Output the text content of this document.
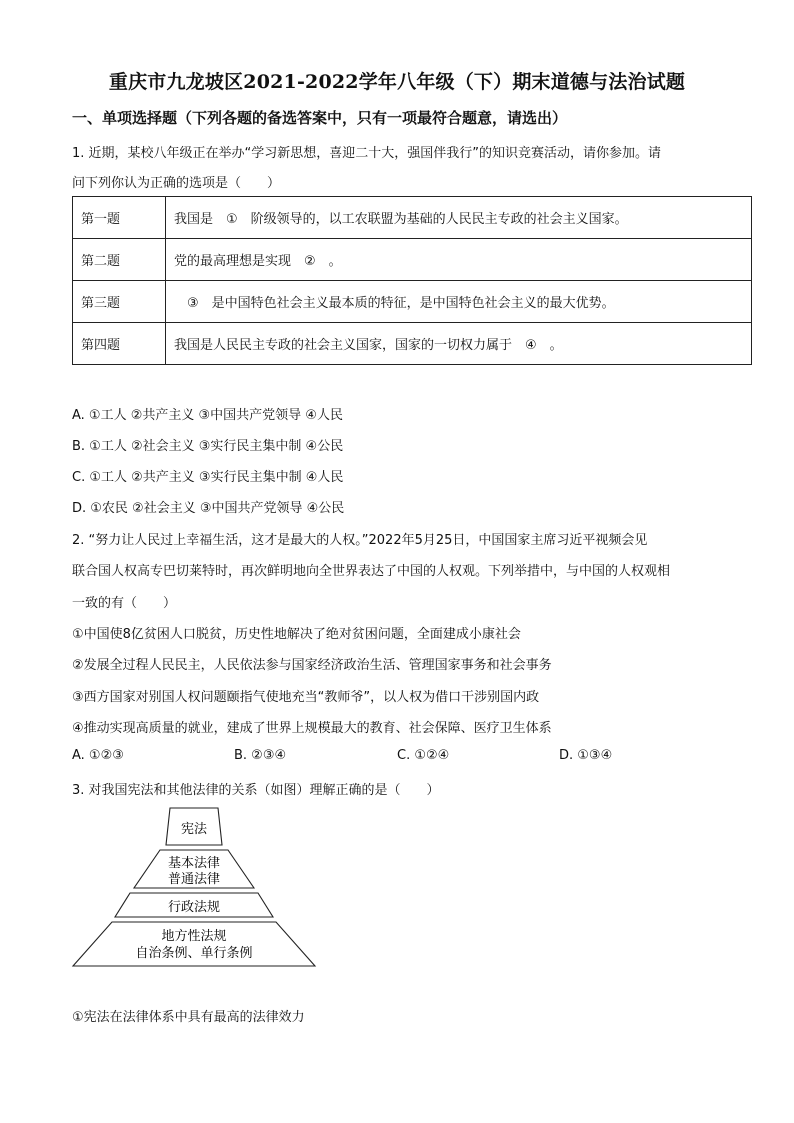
重庆市九龙坡区2021-2022学年八年级（下）期末道德与法治试题
一、单项选择题（下列各题的备选答案中，只有一项最符合题意，请选出）
1. 近期，某校八年级正在举办“学习新思想，喜迎二十大，强国伴我行”的知识竞赛活动，请你参加。请
问下列你认为正确的选项是（　　）
第一题	我国是　①　阶级领导的，以工农联盟为基础的人民民主专政的社会主义国家。
第二题	党的最高理想是实现　②　。
第三题	　③　是中国特色社会主义最本质的特征，是中国特色社会主义的最大优势。
第四题	我国是人民民主专政的社会主义国家，国家的一切权力属于　④　。
A. ①工人 ②共产主义 ③中国共产党领导 ④人民
B. ①工人 ②社会主义 ③实行民主集中制 ④公民
C. ①工人 ②共产主义 ③实行民主集中制 ④人民
D. ①农民 ②社会主义 ③中国共产党领导 ④公民
2. “努力让人民过上幸福生活，这才是最大的人权。”2022年5月25日，中国国家主席习近平视频会见
联合国人权高专巴切莱特时，再次鲜明地向全世界表达了中国的人权观。下列举措中，与中国的人权观相
一致的有（　　）
①中国使8亿贫困人口脱贫，历史性地解决了绝对贫困问题，全面建成小康社会
②发展全过程人民民主，人民依法参与国家经济政治生活、管理国家事务和社会事务
③西方国家对别国人权问题颐指气使地充当“教师爷”，以人权为借口干涉别国内政
④推动实现高质量的就业，建成了世界上规模最大的教育、社会保障、医疗卫生体系
A. ①②③	B. ②③④	C. ①②④	D. ①③④
3. 对我国宪法和其他法律的关系（如图）理解正确的是（　　）
宪法
基本法律
普通法律
行政法规
地方性法规
自治条例、单行条例
①宪法在法律体系中具有最高的法律效力
